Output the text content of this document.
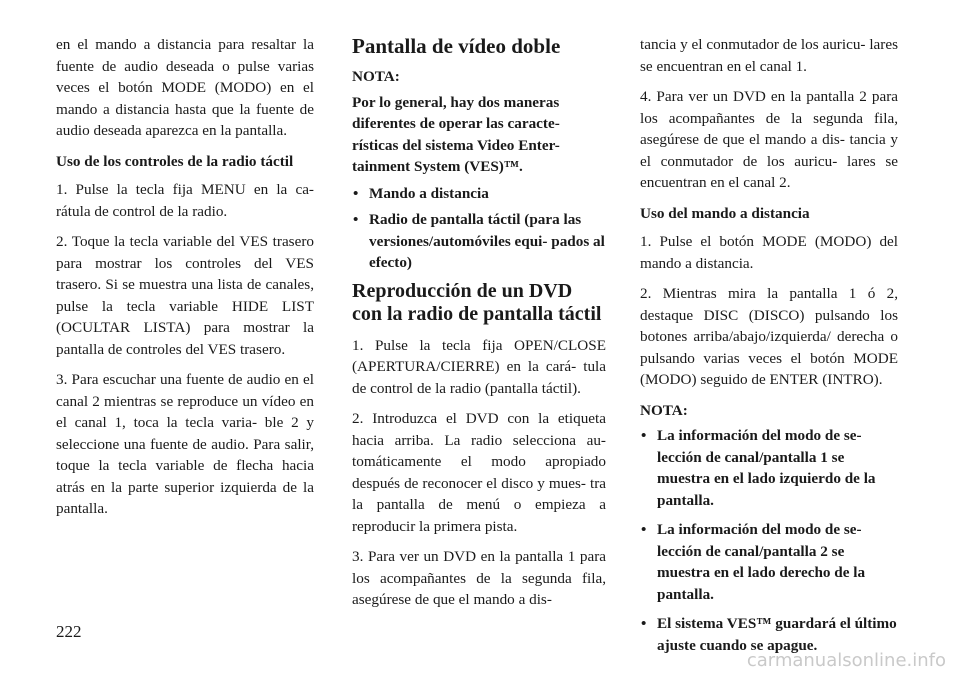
en el mando a distancia para resaltar la fuente de audio deseada o pulse varias veces el botón MODE (MODO) en el mando a distancia hasta que la fuente de audio deseada aparezca en la pantalla.

Uso de los controles de la radio táctil

1. Pulse la tecla fija MENU en la ca- rátula de control de la radio.

2. Toque la tecla variable del VES trasero para mostrar los controles del VES trasero. Si se muestra una lista de canales, pulse la tecla variable HIDE LIST (OCULTAR LISTA) para mostrar la pantalla de controles del VES trasero.

3. Para escuchar una fuente de audio en el canal 2 mientras se reproduce un vídeo en el canal 1, toca la tecla varia- ble 2 y seleccione una fuente de audio. Para salir, toque la tecla variable de flecha hacia atrás en la parte superior izquierda de la pantalla.

Pantalla de vídeo doble
NOTA:

Por lo general, hay dos maneras diferentes de operar las caracte- rísticas del sistema Video Enter- tainment System (VES)™.

• Mando a distancia
• Radio de pantalla táctil (para las versiones/automóviles equi- pados al efecto)
Reproducción de un DVD con la radio de pantalla táctil

1. Pulse la tecla fija OPEN/CLOSE (APERTURA/CIERRE) en la cará- tula de control de la radio (pantalla táctil).

2. Introduzca el DVD con la etiqueta hacia arriba. La radio selecciona au- tomáticamente el modo apropiado después de reconocer el disco y mues- tra la pantalla de menú o empieza a reproducir la primera pista.

3. Para ver un DVD en la pantalla 1 para los acompañantes de la segunda fila, asegúrese de que el mando a dis-

tancia y el conmutador de los auricu- lares se encuentran en el canal 1.

4. Para ver un DVD en la pantalla 2 para los acompañantes de la segunda fila, asegúrese de que el mando a dis- tancia y el conmutador de los auricu- lares se encuentran en el canal 2.

Uso del mando a distancia

1. Pulse el botón MODE (MODO) del mando a distancia.

2. Mientras mira la pantalla 1 ó 2, destaque DISC (DISCO) pulsando los botones arriba/abajo/izquierda/ derecha o pulsando varias veces el botón MODE (MODO) seguido de ENTER (INTRO).

NOTA:
• La información del modo de se- lección de canal/pantalla 1 se muestra en el lado izquierdo de la pantalla.
• La información del modo de se- lección de canal/pantalla 2 se muestra en el lado derecho de la pantalla.
• El sistema VES™ guardará el último ajuste cuando se apague.
222
carmanualsonline.info
